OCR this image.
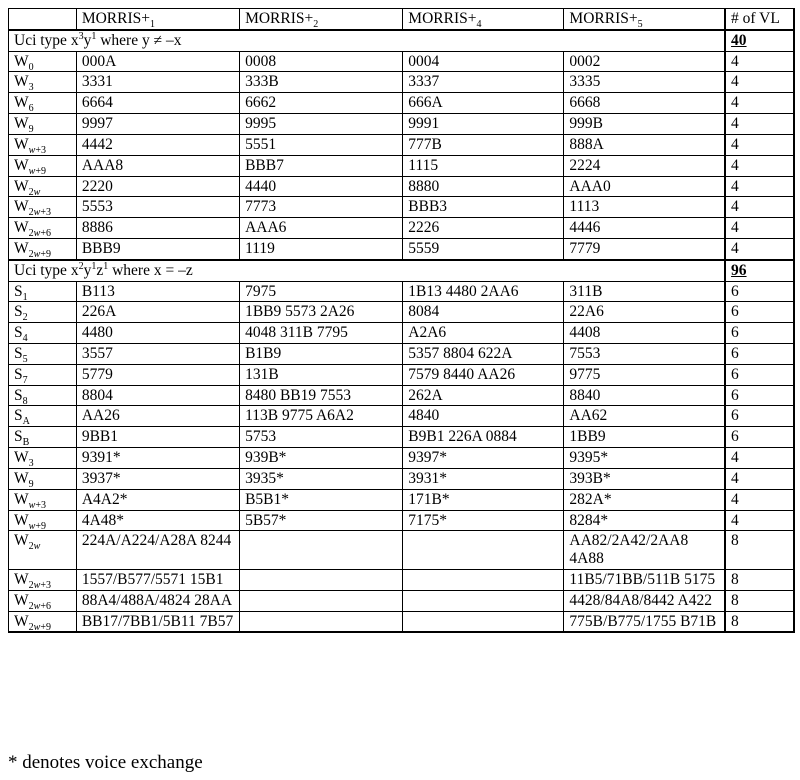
	$MORRIS+_1$	$MORRIS+_2$	$MORRIS+_4$	$MORRIS+_5$	# of VL
Uci type $x^3y^1$ where y ≠ –x					40
$W_0$	000A	0008	0004	0002	4
$W_3$	3331	333B	3337	3335	4
$W_6$	6664	6662	666A	6668	4
$W_9$	9997	9995	9991	999B	4
$W_{w+3}$	4442	5551	777B	888A	4
$W_{w+9}$	AAA8	BBB7	1115	2224	4
$W_{2w}$	2220	4440	8880	AAA0	4
$W_{2w+3}$	5553	7773	BBB3	1113	4
$W_{2w+6}$	8886	AAA6	2226	4446	4
$W_{2w+9}$	BBB9	1119	5559	7779	4
Uci type $x^2y^1z^1$ where x = –z					96
$S_1$	B113	7975	1B13 4480 2AA6	311B	6
$S_2$	226A	1BB9 5573 2A26	8084	22A6	6
$S_4$	4480	4048 311B 7795	A2A6	4408	6
$S_5$	3557	B1B9	5357 8804 622A	7553	6
$S_7$	5779	131B	7579 8440 AA26	9775	6
$S_8$	8804	8480 BB19 7553	262A	8840	6
$S_A$	AA26	113B 9775 A6A2	4840	AA62	6
$S_B$	9BB1	5753	B9B1 226A 0884	1BB9	6
$W_3$	9391*	939B*	9397*	9395*	4
$W_9$	3937*	3935*	3931*	393B*	4
$W_{w+3}$	A4A2*	B5B1*	171B*	282A*	4
$W_{w+9}$	4A48*	5B57*	7175*	8284*	4
$W_{2w}$	224A/A224/A28A 8244			AA82/2A42/2AA8 4A88	8
$W_{2w+3}$	1557/B577/5571 15B1			11B5/71BB/511B 5175	8
$W_{2w+6}$	88A4/488A/4824 28AA			4428/84A8/8442 A422	8
$W_{2w+9}$	BB17/7BB1/5B11 7B57			775B/B775/1755 B71B	8
* denotes voice exchange
